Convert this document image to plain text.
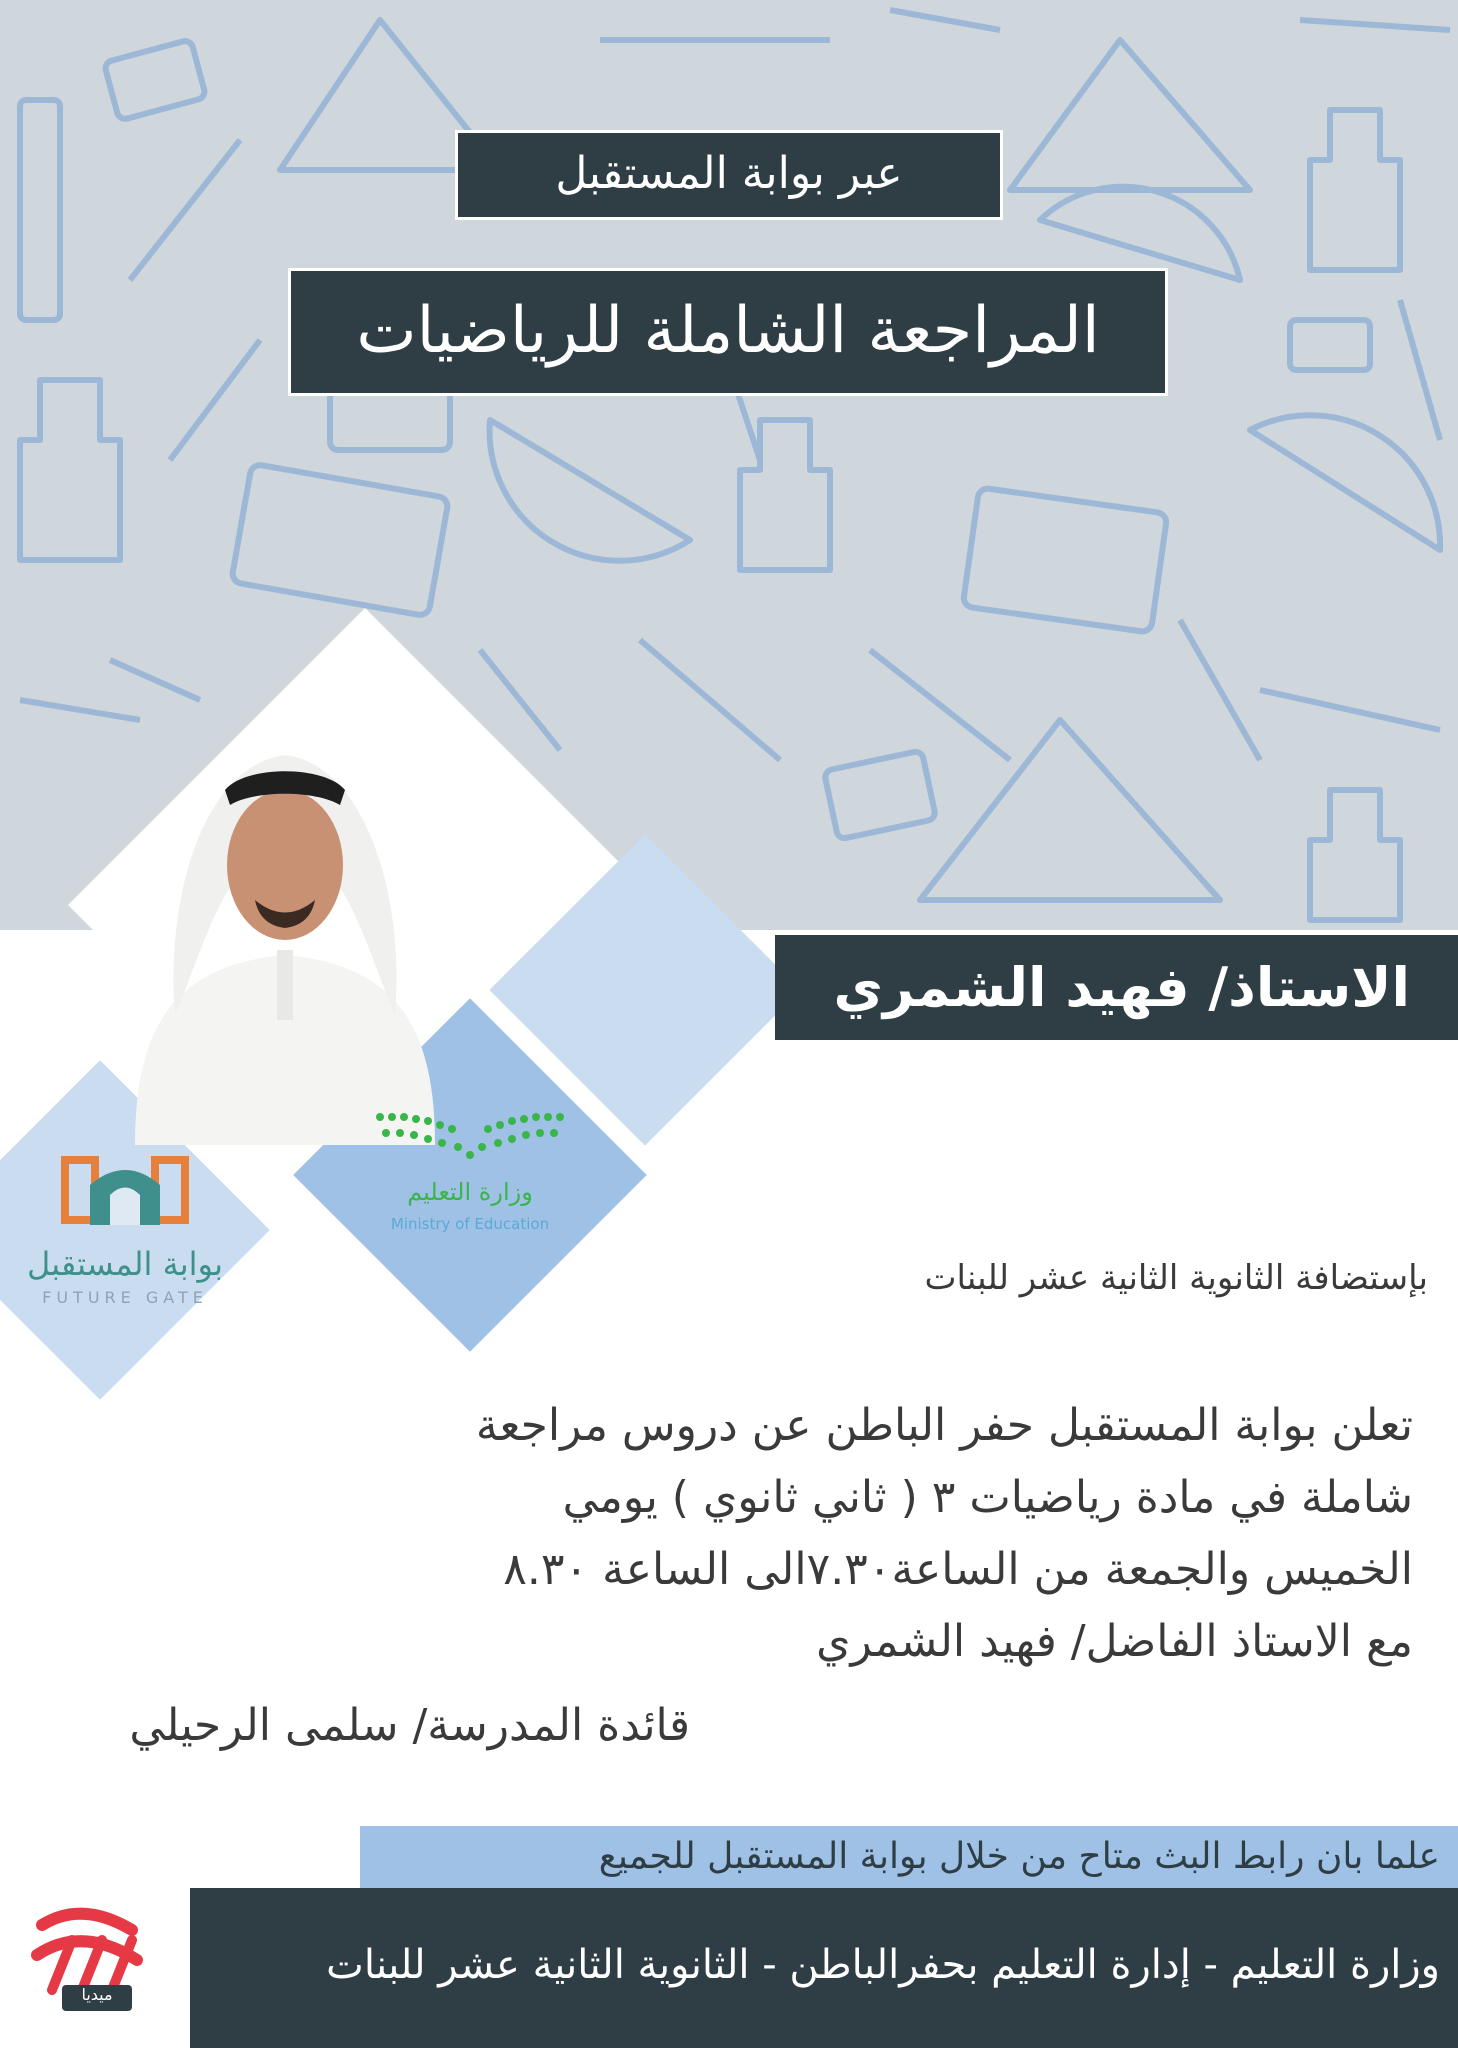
عبر بوابة المستقبل
المراجعة الشاملة للرياضيات
الاستاذ/ فهيد الشمري
وزارة التعليم
Ministry of Education
بوابة المستقبل
FUTURE GATE	بإستضافة الثانوية الثانية عشر للبنات
تعلن بوابة المستقبل حفر الباطن عن دروس مراجعة
شاملة في مادة رياضيات ٣ ( ثاني ثانوي ) يومي
الخميس والجمعة من الساعة٧.٣٠الى الساعة ٨.٣٠
مع الاستاذ الفاضل/ فهيد الشمري
قائدة المدرسة/ سلمى الرحيلي
علما بان رابط البث متاح من خلال بوابة المستقبل للجميع
وزارة التعليم - إدارة التعليم بحفرالباطن - الثانوية الثانية عشر للبنات
ميديا
